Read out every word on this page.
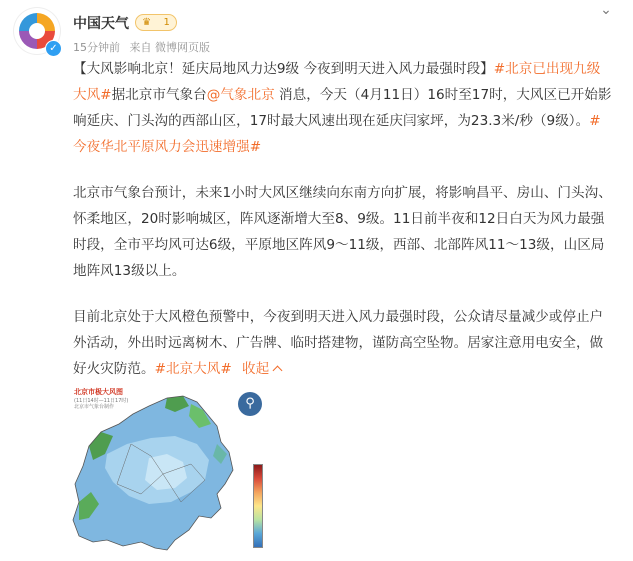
✓
中国天气 ♛ 1
15分钟前 来自 微博网页版
⌄

【大风影响北京！延庆局地风力达9级 今夜到明天进入风力最强时段】#北京已出现九级大风#据北京市气象台@气象北京 消息，今天（4月11日）16时至17时，大风区已开始影响延庆、门头沟的西部山区，17时最大风速出现在延庆闫家坪，为23.3米/秒（9级）。#今夜华北平原风力会迅速增强#

北京市气象台预计，未来1小时大风区继续向东南方向扩展，将影响昌平、房山、门头沟、怀柔地区，20时影响城区，阵风逐渐增大至8、9级。11日前半夜和12日白天为风力最强时段，全市平均风可达6级，平原地区阵风9～11级，西部、北部阵风11～13级，山区局地阵风13级以上。

目前北京处于大风橙色预警中，今夜到明天进入风力最强时段，公众请尽量减少或停止户外活动，外出时远离树木、广告牌、临时搭建物，谨防高空坠物。居家注意用电安全，做好火灾防范。#北京大风# 收起

北京市极大风图
(11日14时—11日17时)
北京市气象台制作	⚲
